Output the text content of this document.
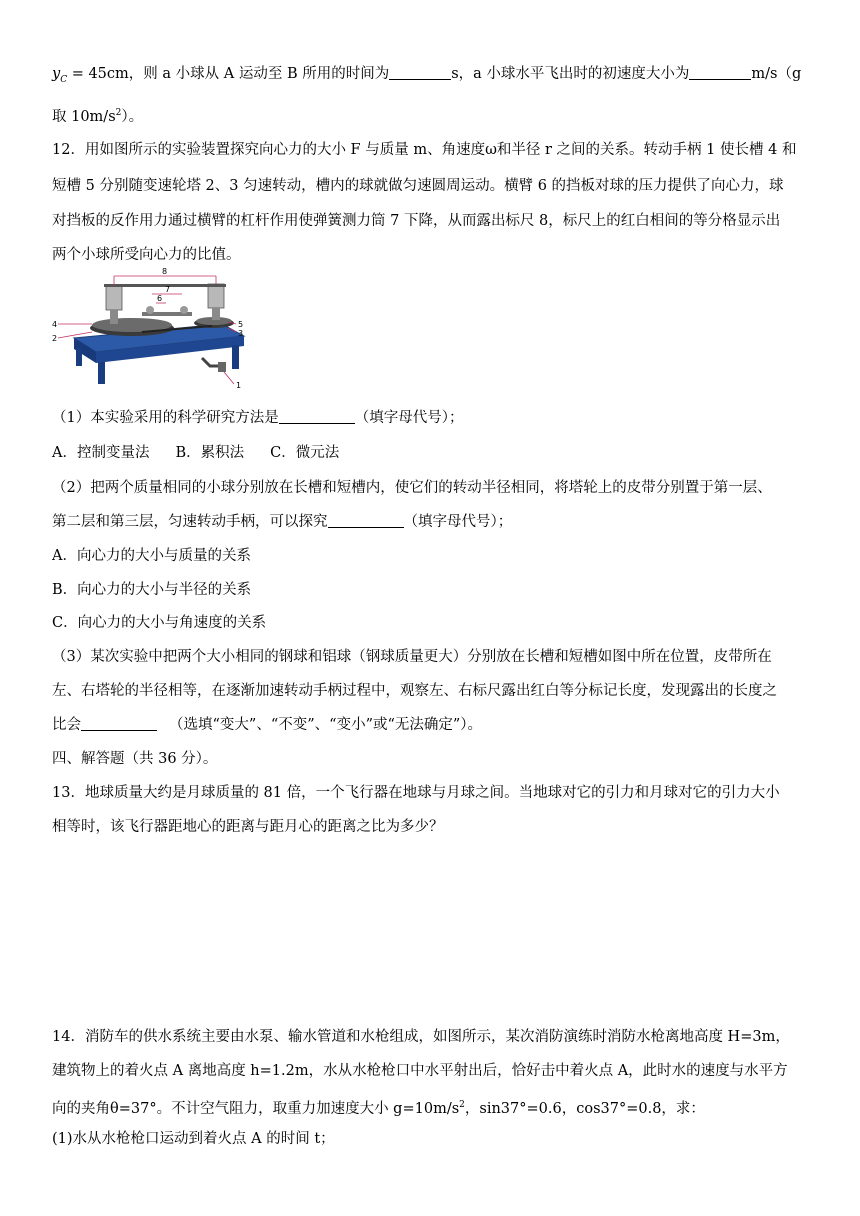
$y_C = 45cm$，则 a 小球从 A 运动至 B 所用的时间为	s，a 小球水平飞出时的初速度大小为	m/s（g
取 $10m/s^2$）。
12．用如图所示的实验装置探究向心力的大小 F 与质量 m、角速度ω和半径 r 之间的关系。转动手柄 1 使长槽 4 和
短槽 5 分别随变速轮塔 2、3 匀速转动，槽内的球就做匀速圆周运动。横臂 6 的挡板对球的压力提供了向心力，球
对挡板的反作用力通过横臂的杠杆作用使弹簧测力筒 7 下降，从而露出标尺 8，标尺上的红白相间的等分格显示出
两个小球所受向心力的比值。
8
7
6
4
2
5
3
1
（1）本实验采用的科学研究方法是	（填字母代号）；
A．控制变量法 B．累积法 C．微元法
（2）把两个质量相同的小球分别放在长槽和短槽内，使它们的转动半径相同，将塔轮上的皮带分别置于第一层、
第二层和第三层，匀速转动手柄，可以探究	（填字母代号）；
A．向心力的大小与质量的关系
B．向心力的大小与半径的关系
C．向心力的大小与角速度的关系
（3）某次实验中把两个大小相同的钢球和铝球（钢球质量更大）分别放在长槽和短槽如图中所在位置，皮带所在
左、右塔轮的半径相等，在逐渐加速转动手柄过程中，观察左、右标尺露出红白等分标记长度，发现露出的长度之
比会	（选填“变大”、“不变”、“变小”或“无法确定”）。
四、解答题（共 36 分）。
13．地球质量大约是月球质量的 81 倍，一个飞行器在地球与月球之间。当地球对它的引力和月球对它的引力大小
相等时，该飞行器距地心的距离与距月心的距离之比为多少？
14．消防车的供水系统主要由水泵、输水管道和水枪组成，如图所示，某次消防演练时消防水枪离地高度 H=3m，
建筑物上的着火点 A 离地高度 h=1.2m，水从水枪枪口中水平射出后，恰好击中着火点 A，此时水的速度与水平方
向的夹角θ=37°。不计空气阻力，取重力加速度大小 $g=10m/s^2$，sin37°=0.6，cos37°=0.8，求：
(1)水从水枪枪口运动到着火点 A 的时间 t；
